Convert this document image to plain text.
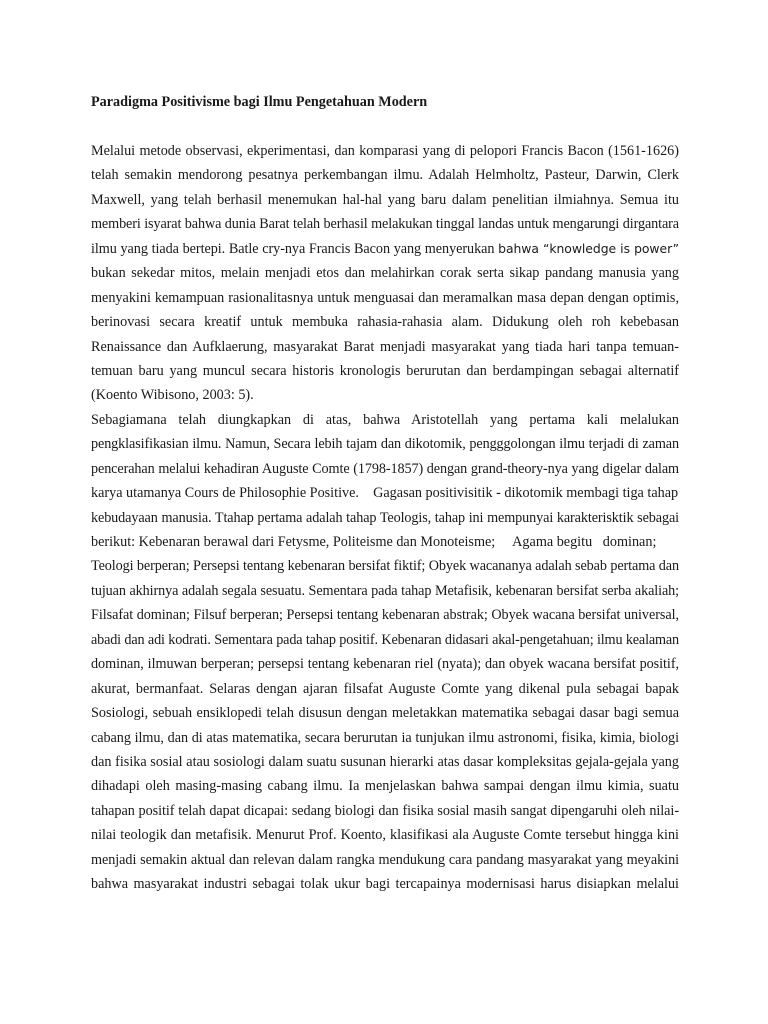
Paradigma Positivisme bagi Ilmu Pengetahuan Modern
Melalui metode observasi, ekperimentasi, dan komparasi yang di pelopori Francis Bacon (1561-1626)
telah semakin mendorong pesatnya perkembangan ilmu. Adalah Helmholtz, Pasteur, Darwin, Clerk
Maxwell, yang telah berhasil menemukan hal-hal yang baru dalam penelitian ilmiahnya. Semua itu
memberi isyarat bahwa dunia Barat telah berhasil melakukan tinggal landas untuk mengarungi dirgantara
ilmu yang tiada bertepi. Batle cry-nya Francis Bacon yang menyerukan bahwa “knowledge is power”
bukan sekedar mitos, melain menjadi etos dan melahirkan corak serta sikap pandang manusia yang
menyakini kemampuan rasionalitasnya untuk menguasai dan meramalkan masa depan dengan optimis,
berinovasi secara kreatif untuk membuka rahasia-rahasia alam. Didukung oleh roh kebebasan
Renaissance dan Aufklaerung, masyarakat Barat menjadi masyarakat yang tiada hari tanpa temuan-
temuan baru yang muncul secara historis kronologis berurutan dan berdampingan sebagai alternatif
(Koento Wibisono, 2003: 5).
Sebagiamana telah diungkapkan di atas, bahwa Aristotellah yang pertama kali melalukan
pengklasifikasian ilmu. Namun, Secara lebih tajam dan dikotomik, pengggolongan ilmu terjadi di zaman
pencerahan melalui kehadiran Auguste Comte (1798-1857) dengan grand-theory-nya yang digelar dalam
karya utamanya Cours de Philosophie Positive.    Gagasan positivisitik - dikotomik membagi tiga tahap
kebudayaan manusia. Ttahap pertama adalah tahap Teologis, tahap ini mempunyai karakterisktik sebagai
berikut: Kebenaran berawal dari Fetysme, Politeisme dan Monoteisme;     Agama begitu   dominan;
Teologi berperan; Persepsi tentang kebenaran bersifat fiktif; Obyek wacananya adalah sebab pertama dan
tujuan akhirnya adalah segala sesuatu. Sementara pada tahap Metafisik, kebenaran bersifat serba akaliah;
Filsafat dominan; Filsuf berperan; Persepsi tentang kebenaran abstrak; Obyek wacana bersifat universal,
abadi dan adi kodrati. Sementara pada tahap positif. Kebenaran didasari akal-pengetahuan; ilmu kealaman
dominan, ilmuwan berperan; persepsi tentang kebenaran riel (nyata); dan obyek wacana bersifat positif,
akurat, bermanfaat. Selaras dengan ajaran filsafat Auguste Comte yang dikenal pula sebagai bapak
Sosiologi, sebuah ensiklopedi telah disusun dengan meletakkan matematika sebagai dasar bagi semua
cabang ilmu, dan di atas matematika, secara berurutan ia tunjukan ilmu astronomi, fisika, kimia, biologi
dan fisika sosial atau sosiologi dalam suatu susunan hierarki atas dasar kompleksitas gejala-gejala yang
dihadapi oleh masing-masing cabang ilmu. Ia menjelaskan bahwa sampai dengan ilmu kimia, suatu
tahapan positif telah dapat dicapai: sedang biologi dan fisika sosial masih sangat dipengaruhi oleh nilai-
nilai teologik dan metafisik. Menurut Prof. Koento, klasifikasi ala Auguste Comte tersebut hingga kini
menjadi semakin aktual dan relevan dalam rangka mendukung cara pandang masyarakat yang meyakini
bahwa masyarakat industri sebagai tolak ukur bagi tercapainya modernisasi harus disiapkan melalui
